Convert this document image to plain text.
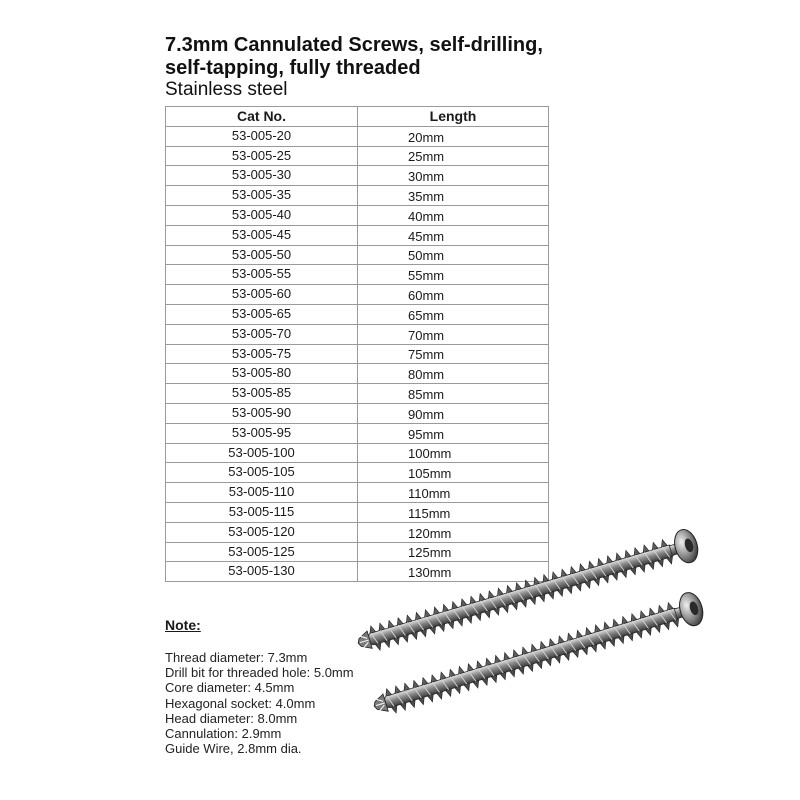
7.3mm Cannulated Screws, self-drilling,
self-tapping, fully threaded
Stainless steel
Cat No.	Length
53-005-20	20mm
53-005-25	25mm
53-005-30	30mm
53-005-35	35mm
53-005-40	40mm
53-005-45	45mm
53-005-50	50mm
53-005-55	55mm
53-005-60	60mm
53-005-65	65mm
53-005-70	70mm
53-005-75	75mm
53-005-80	80mm
53-005-85	85mm
53-005-90	90mm
53-005-95	95mm
53-005-100	100mm
53-005-105	105mm
53-005-110	110mm
53-005-115	115mm
53-005-120	120mm
53-005-125	125mm
53-005-130	130mm
Note:
Thread diameter: 7.3mm
Drill bit for threaded hole: 5.0mm
Core diameter: 4.5mm
Hexagonal socket: 4.0mm
Head diameter: 8.0mm
Cannulation: 2.9mm
Guide Wire, 2.8mm dia.
